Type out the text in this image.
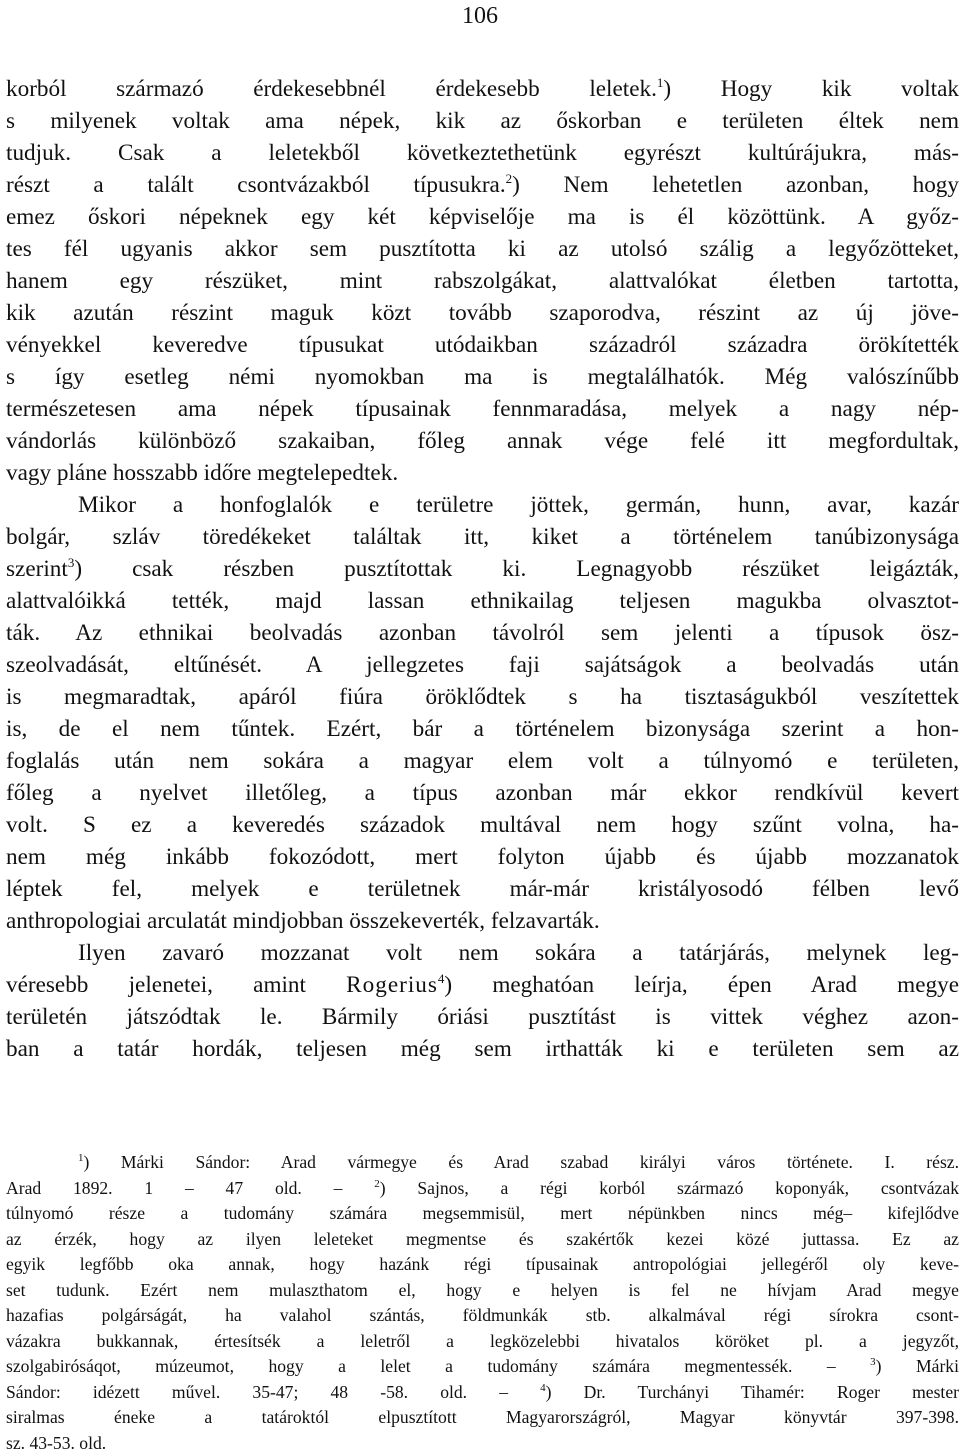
106
korból származó érdekesebbnél érdekesebb leletek.$^1$) Hogy kik voltak
s milyenek voltak ama népek, kik az őskorban e területen éltek nem
tudjuk. Csak a leletekből következtethetünk egyrészt kultúrájukra, más-
részt a talált csontvázakból típusukra.$^2$) Nem lehetetlen azonban, hogy
emez őskori népeknek egy két képviselője ma is él közöttünk. A győz-
tes fél ugyanis akkor sem pusztította ki az utolsó szálig a legyőzötteket,
hanem egy részüket, mint rabszolgákat, alattvalókat életben tartotta,
kik azután részint maguk közt tovább szaporodva, részint az új jöve-
vényekkel keveredve típusukat utódaikban századról századra örökítették
s így esetleg némi nyomokban ma is megtalálhatók. Még valószínűbb
természetesen ama népek típusainak fennmaradása, melyek a nagy nép-
vándorlás különböző szakaiban, főleg annak vége felé itt megfordultak,
vagy pláne hosszabb időre megtelepedtek.
Mikor a honfoglalók e területre jöttek, germán, hunn, avar, kazár
bolgár, szláv töredékeket találtak itt, kiket a történelem tanúbizonysága
szerint$^3$) csak részben pusztítottak ki. Legnagyobb részüket leigázták,
alattvalóikká tették, majd lassan ethnikailag teljesen magukba olvasztot-
ták. Az ethnikai beolvadás azonban távolról sem jelenti a típusok ösz-
szeolvadását, eltűnését. A jellegzetes faji sajátságok a beolvadás után
is megmaradtak, apáról fiúra öröklődtek s ha tisztaságukból veszítettek
is, de el nem tűntek. Ezért, bár a történelem bizonysága szerint a hon-
foglalás után nem sokára a magyar elem volt a túlnyomó e területen,
főleg a nyelvet illetőleg, a típus azonban már ekkor rendkívül kevert
volt. S ez a keveredés századok multával nem hogy szűnt volna, ha-
nem még inkább fokozódott, mert folyton újabb és újabb mozzanatok
léptek fel, melyek e területnek már-már kristályosodó félben levő
anthropologiai arculatát mindjobban összekeverték, felzavarták.
Ilyen zavaró mozzanat volt nem sokára a tatárjárás, melynek leg-
véresebb jelenetei, amint Rogerius$^4$) meghatóan leírja, épen Arad megye
területén játszódtak le. Bármily óriási pusztítást is vittek véghez azon-
ban a tatár hordák, teljesen még sem irthatták ki e területen sem az
$^1$) Márki Sándor: Arad vármegye és Arad szabad királyi város története. I. rész.
Arad 1892. 1 – 47 old. – $^2$) Sajnos, a régi korból származó koponyák, csontvázak
túlnyomó része a tudomány számára megsemmisül, mert népünkben nincs még– kifejlődve
az érzék, hogy az ilyen leleteket megmentse és szakértők kezei közé juttassa. Ez az
egyik legfőbb oka annak, hogy hazánk régi típusainak antropológiai jellegéről oly keve-
set tudunk. Ezért nem mulaszthatom el, hogy e helyen is fel ne hívjam Arad megye
hazafias polgárságát, ha valahol szántás, földmunkák stb. alkalmával régi sírokra csont-
vázakra bukkannak, értesítsék a leletről a legközelebbi hivatalos köröket pl. a jegyzőt,
szolgabirósáqot, múzeumot, hogy a lelet a tudomány számára megmentessék. – $^3$) Márki
Sándor: idézett művel. 35-47; 48 -58. old. – $^4$) Dr. Turchányi Tihamér: Roger mester
siralmas éneke a tatároktól elpusztított Magyarországról, Magyar könyvtár 397-398.
sz. 43-53. old.
